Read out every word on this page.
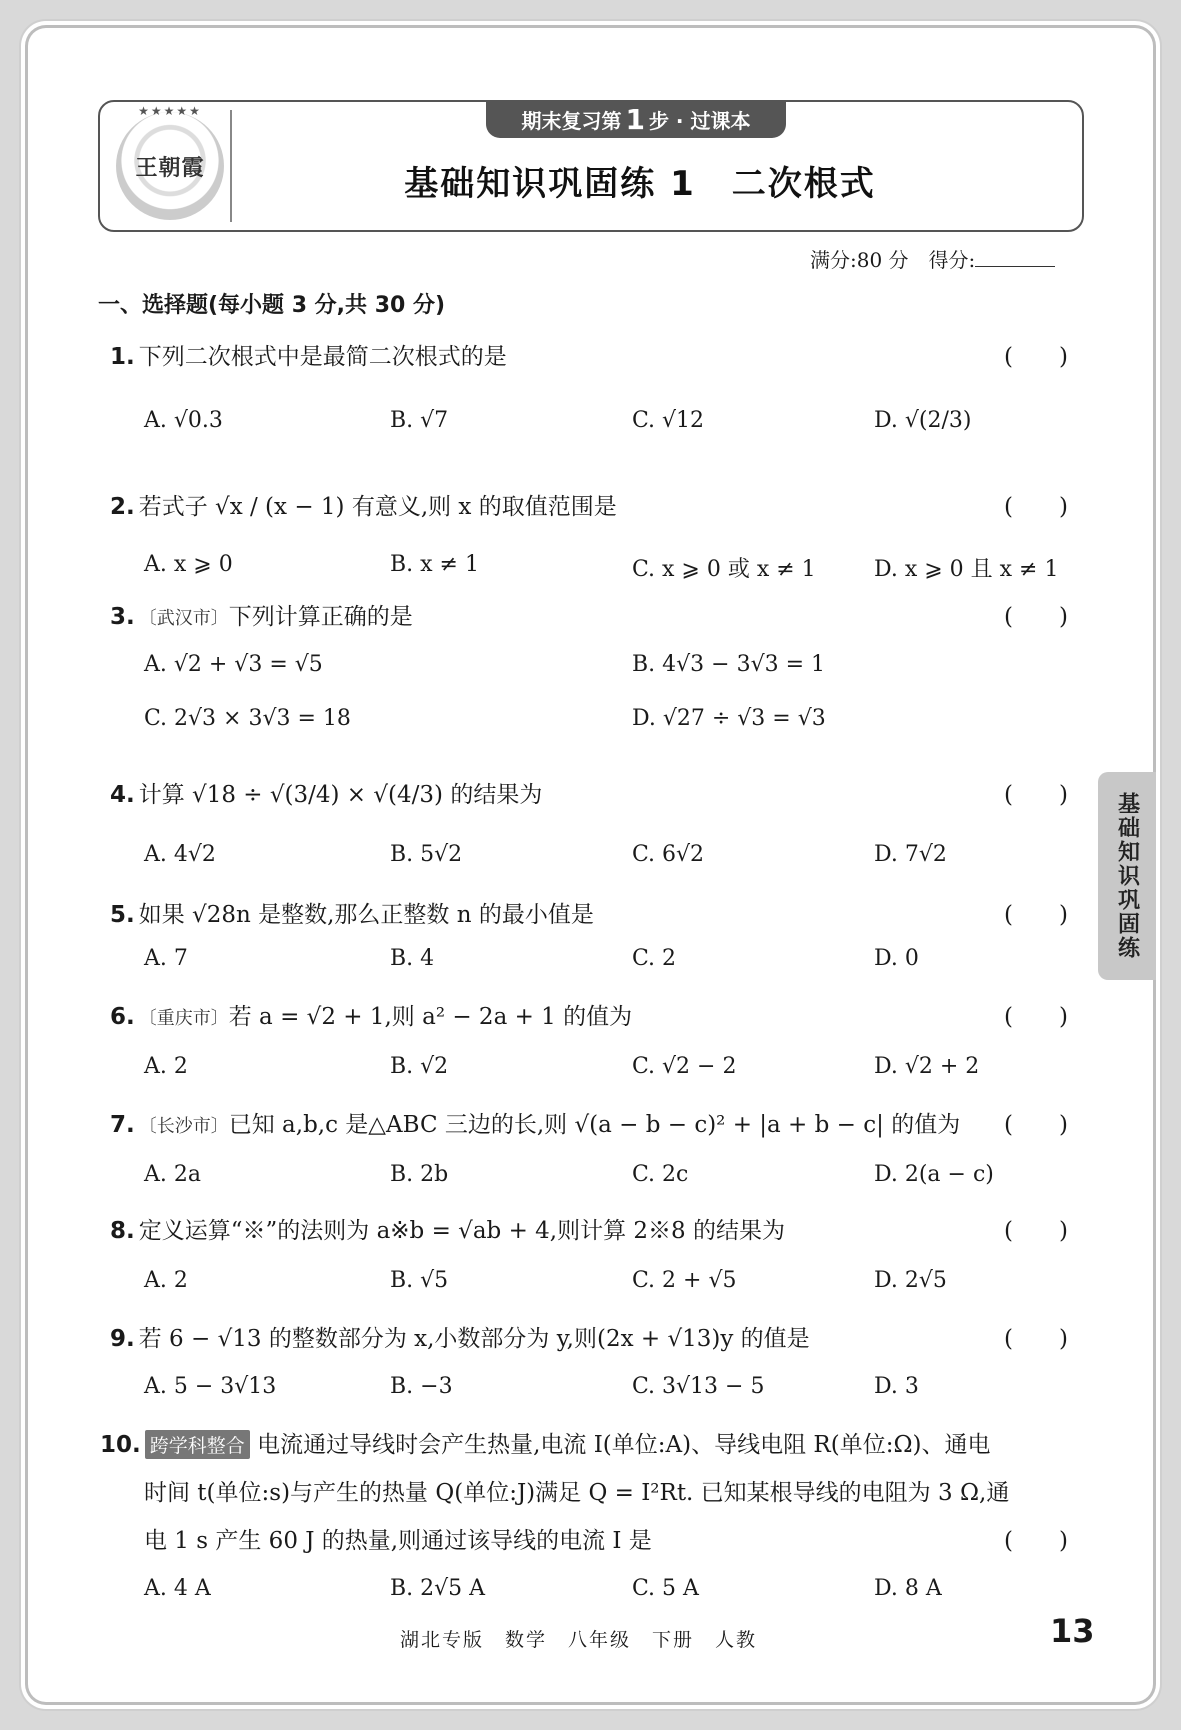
★★★★★
王朝霞
期末复习第 1 步 · 过课本
基础知识巩固练 1　二次根式
满分:80 分　得分:
一、选择题(每小题 3 分,共 30 分)
1. 下列二次根式中是最简二次根式的是	(　　)
A. √0.3	B. √7	C. √12	D. √(2/3)
2. 若式子 √x / (x − 1) 有意义,则 x 的取值范围是	(　　)
A. x ⩾ 0	B. x ≠ 1	C. x ⩾ 0 或 x ≠ 1	D. x ⩾ 0 且 x ≠ 1
3. 〔武汉市〕下列计算正确的是	(　　)
A. √2 + √3 = √5	B. 4√3 − 3√3 = 1
C. 2√3 × 3√3 = 18	D. √27 ÷ √3 = √3
4. 计算 √18 ÷ √(3/4) × √(4/3) 的结果为	(　　)
A. 4√2	B. 5√2	C. 6√2	D. 7√2
5. 如果 √28n 是整数,那么正整数 n 的最小值是	(　　)
A. 7	B. 4	C. 2	D. 0
6. 〔重庆市〕若 a = √2 + 1,则 a² − 2a + 1 的值为	(　　)
A. 2	B. √2	C. √2 − 2	D. √2 + 2
7. 〔长沙市〕已知 a,b,c 是△ABC 三边的长,则 √(a − b − c)² + |a + b − c| 的值为 (　　)
A. 2a	B. 2b	C. 2c	D. 2(a − c)
8. 定义运算“※”的法则为 a※b = √ab + 4,则计算 2※8 的结果为	(　　)
A. 2	B. √5	C. 2 + √5	D. 2√5
9. 若 6 − √13 的整数部分为 x,小数部分为 y,则(2x + √13)y 的值是	(　　)
A. 5 − 3√13	B. −3	C. 3√13 − 5	D. 3
10. 跨学科整合 电流通过导线时会产生热量,电流 I(单位:A)、导线电阻 R(单位:Ω)、通电
时间 t(单位:s)与产生的热量 Q(单位:J)满足 Q = I²Rt. 已知某根导线的电阻为 3 Ω,通
电 1 s 产生 60 J 的热量,则通过该导线的电流 I 是	(　　)
A. 4 A	B. 2√5 A	C. 5 A	D. 8 A
基础知识巩固练
湖北专版　数学　八年级　下册　人教	13
